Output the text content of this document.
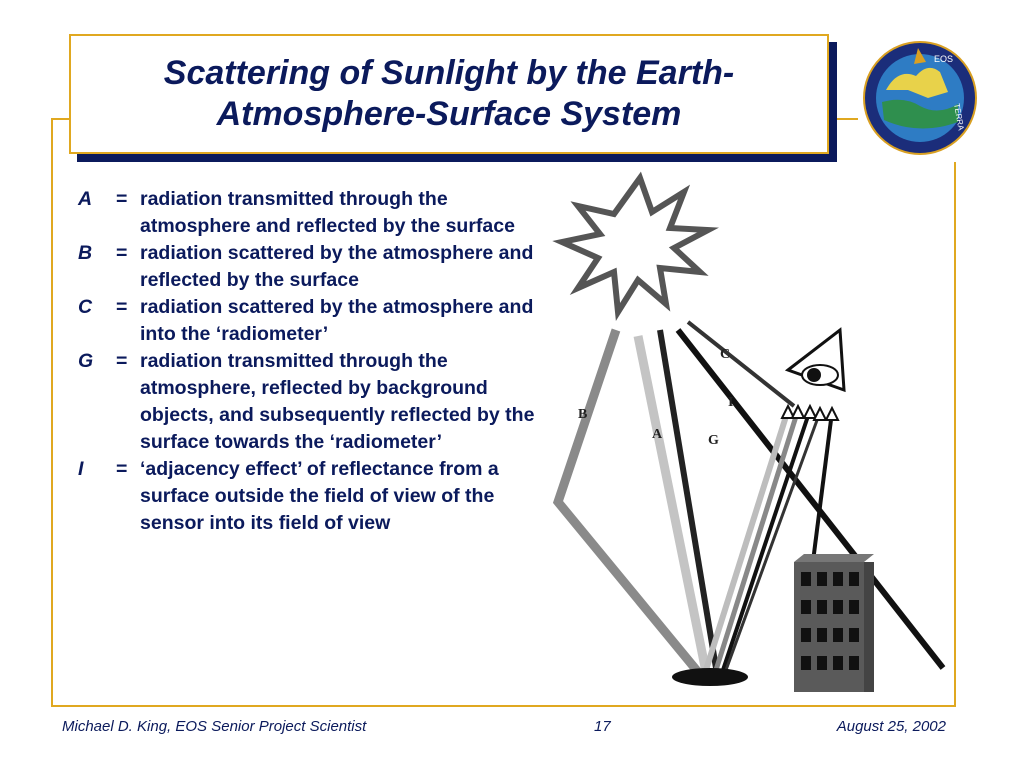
Scattering of Sunlight by the Earth-Atmosphere-Surface System
EOS
TERRA
A	= radiation transmitted through the atmosphere and reflected by the surface
B	= radiation scattered by the atmosphere and reflected by the surface
C	= radiation scattered by the atmosphere and into the ‘radiometer’
G	= radiation transmitted through the atmosphere, reflected by background objects, and subsequently reflected by the surface towards the ‘radiometer’
I	= ‘adjacency effect’ of reflectance from a surface outside the field of view of the sensor into its field of view
B
A	G
I
C
Michael D. King, EOS Senior Project Scientist	17	August 25, 2002
